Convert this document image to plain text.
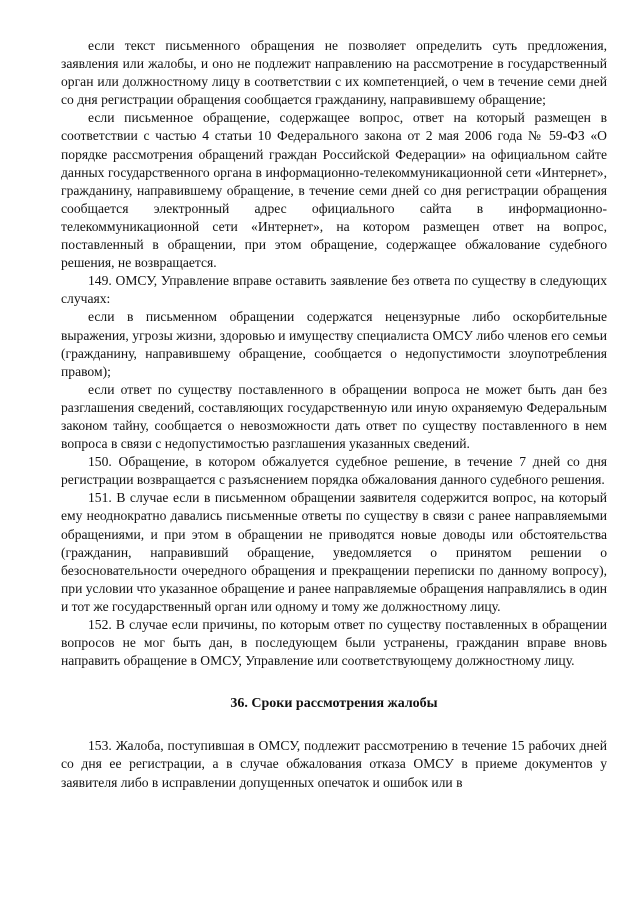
если текст письменного обращения не позволяет определить суть предложения, заявления или жалобы, и оно не подлежит направлению на рассмотрение в государственный орган или должностному лицу в соответствии с их компетенцией, о чем в течение семи дней со дня регистрации обращения сообщается гражданину, направившему обращение;

если письменное обращение, содержащее вопрос, ответ на который размещен в соответствии с частью 4 статьи 10 Федерального закона от 2 мая 2006 года № 59-ФЗ «О порядке рассмотрения обращений граждан Российской Федерации» на официальном сайте данных государственного органа в информационно-телекоммуникационной сети «Интернет», гражданину, направившему обращение, в течение семи дней со дня регистрации обращения сообщается электронный адрес официального сайта в информационно-телекоммуникационной сети «Интернет», на котором размещен ответ на вопрос, поставленный в обращении, при этом обращение, содержащее обжалование судебного решения, не возвращается.

149. ОМСУ, Управление вправе оставить заявление без ответа по существу в следующих случаях:

если в письменном обращении содержатся нецензурные либо оскорбительные выражения, угрозы жизни, здоровью и имуществу специалиста ОМСУ либо членов его семьи (гражданину, направившему обращение, сообщается о недопустимости злоупотребления правом);

если ответ по существу поставленного в обращении вопроса не может быть дан без разглашения сведений, составляющих государственную или иную охраняемую Федеральным законом тайну, сообщается о невозможности дать ответ по существу поставленного в нем вопроса в связи с недопустимостью разглашения указанных сведений.

150. Обращение, в котором обжалуется судебное решение, в течение 7 дней со дня регистрации возвращается с разъяснением порядка обжалования данного судебного решения.

151. В случае если в письменном обращении заявителя содержится вопрос, на который ему неоднократно давались письменные ответы по существу в связи с ранее направляемыми обращениями, и при этом в обращении не приводятся новые доводы или обстоятельства (гражданин, направивший обращение, уведомляется о принятом решении о безосновательности очередного обращения и прекращении переписки по данному вопросу), при условии что указанное обращение и ранее направляемые обращения направлялись в один и тот же государственный орган или одному и тому же должностному лицу.

152. В случае если причины, по которым ответ по существу поставленных в обращении вопросов не мог быть дан, в последующем были устранены, гражданин вправе вновь направить обращение в ОМСУ, Управление или соответствующему должностному лицу.

36. Сроки рассмотрения жалобы

153. Жалоба, поступившая в ОМСУ, подлежит рассмотрению в течение 15 рабочих дней со дня ее регистрации, а в случае обжалования отказа ОМСУ в приеме документов у заявителя либо в исправлении допущенных опечаток и ошибок или в
